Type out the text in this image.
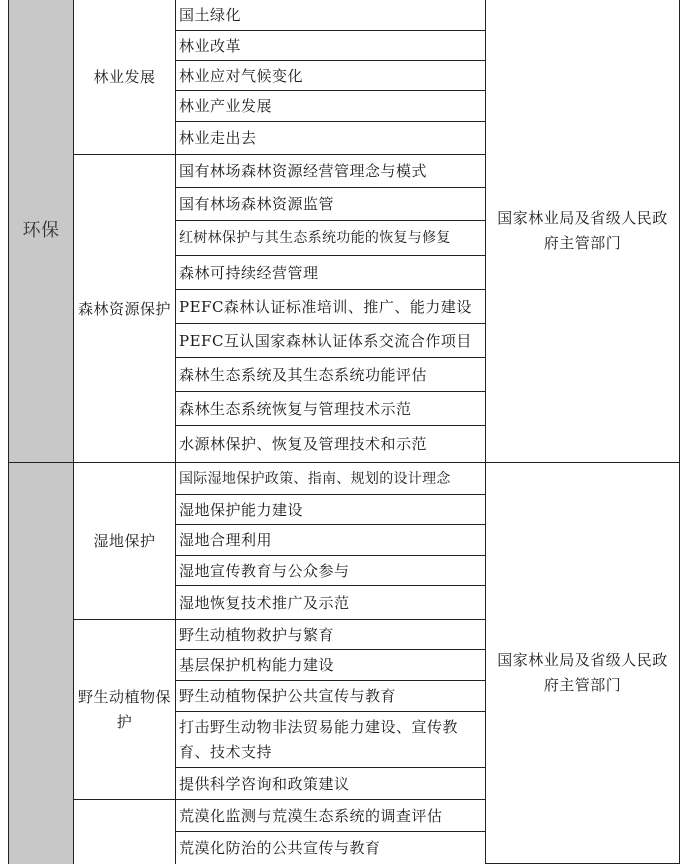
环保
林业发展
森林资源保护
湿地保护
野生动植物保护
国土绿化
林业改革
林业应对气候变化
林业产业发展
林业走出去
国有林场森林资源经营管理念与模式
国有林场森林资源监管
红树林保护与其生态系统功能的恢复与修复
森林可持续经营管理
PEFC森林认证标准培训、推广、能力建设
PEFC互认国家森林认证体系交流合作项目
森林生态系统及其生态系统功能评估
森林生态系统恢复与管理技术示范
水源林保护、恢复及管理技术和示范
国际湿地保护政策、指南、规划的设计理念
湿地保护能力建设
湿地合理利用
湿地宣传教育与公众参与
湿地恢复技术推广及示范
野生动植物救护与繁育
基层保护机构能力建设
野生动植物保护公共宣传与教育
打击野生动物非法贸易能力建设、宣传教育、技术支持
提供科学咨询和政策建议
荒漠化监测与荒漠生态系统的调查评估
荒漠化防治的公共宣传与教育
国家林业局及省级人民政府主管部门
国家林业局及省级人民政府主管部门
